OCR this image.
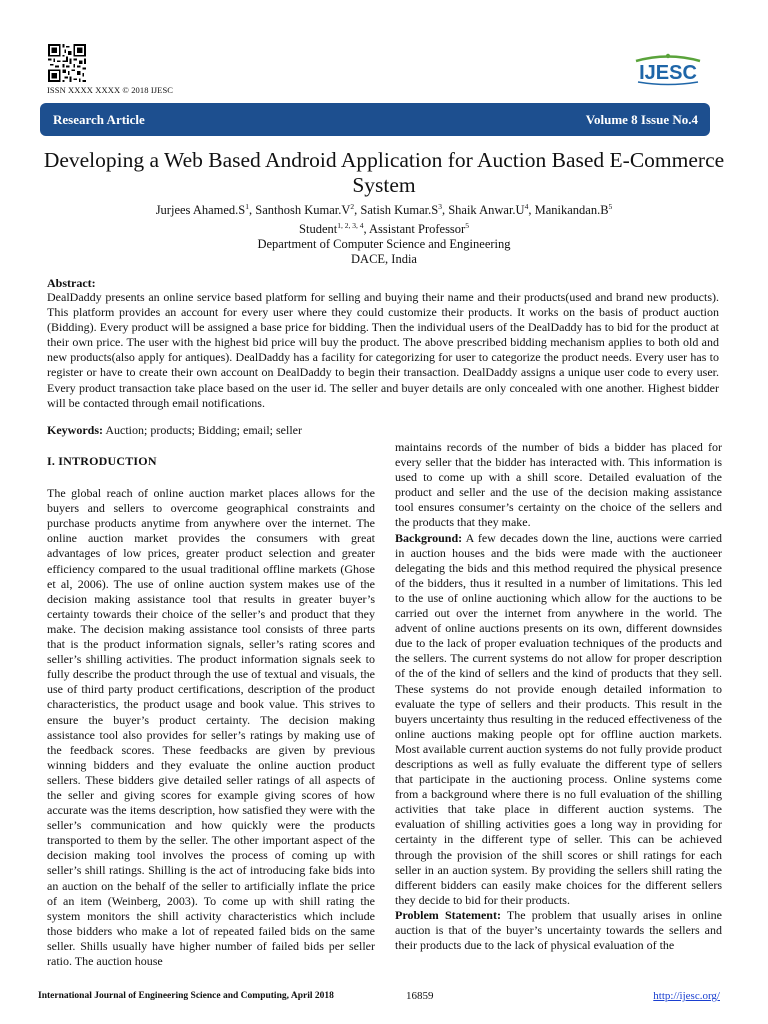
ISSN XXXX XXXX © 2018 IJESC
IJESC
Research Article	Volume 8 Issue No.4
Developing a Web Based Android Application for Auction Based E-Commerce System
Jurjees $Ahamed.S^1$, Santhosh $Kumar.V^2$, Satish $Kumar.S^3$, Shaik $Anwar.U^4$, $Manikandan.B^5$
Student$^{1, 2, 3, 4}$, Assistant Professor$^5$
Department of Computer Science and Engineering
DACE, India
Abstract:
DealDaddy presents an online service based platform for selling and buying their name and their products(used and brand new products). This platform provides an account for every user where they could customize their products. It works on the basis of product auction (Bidding). Every product will be assigned a base price for bidding. Then the individual users of the DealDaddy has to bid for the product at their own price. The user with the highest bid price will buy the product. The above prescribed bidding mechanism applies to both old and new products(also apply for antiques). DealDaddy has a facility for categorizing for user to categorize the product needs. Every user has to register or have to create their own account on DealDaddy to begin their transaction. DealDaddy assigns a unique user code to every user. Every product transaction take place based on the user id. The seller and buyer details are only concealed with one another. Highest bidder will be contacted through email notifications.
Keywords: Auction; products; Bidding; email; seller

I. INTRODUCTION

The global reach of online auction market places allows for the buyers and sellers to overcome geographical constraints and purchase products anytime from anywhere over the internet. The online auction market provides the consumers with great advantages of low prices, greater product selection and greater efficiency compared to the usual traditional offline markets (Ghose et al, 2006). The use of online auction system makes use of the decision making assistance tool that results in greater buyer’s certainty towards their choice of the seller’s and product that they make. The decision making assistance tool consists of three parts that is the product information signals, seller’s rating scores and seller’s shilling activities. The product information signals seek to fully describe the product through the use of textual and visuals, the use of third party product certifications, description of the product characteristics, the product usage and book value. This strives to ensure the buyer’s product certainty. The decision making assistance tool also provides for seller’s ratings by making use of the feedback scores. These feedbacks are given by previous winning bidders and they evaluate the online auction product sellers. These bidders give detailed seller ratings of all aspects of the seller and giving scores for example giving scores of how accurate was the items description, how satisfied they were with the seller’s communication and how quickly were the products transported to them by the seller. The other important aspect of the decision making tool involves the process of coming up with seller’s shill ratings. Shilling is the act of introducing fake bids into an auction on the behalf of the seller to artificially inflate the price of an item (Weinberg, 2003). To come up with shill rating the system monitors the shill activity characteristics which include those bidders who make a lot of repeated failed bids on the same seller. Shills usually have higher number of failed bids per seller ratio. The auction house

maintains records of the number of bids a bidder has placed for every seller that the bidder has interacted with. This information is used to come up with a shill score. Detailed evaluation of the product and seller and the use of the decision making assistance tool ensures consumer’s certainty on the choice of the sellers and the products that they make.

Background: A few decades down the line, auctions were carried in auction houses and the bids were made with the auctioneer delegating the bids and this method required the physical presence of the bidders, thus it resulted in a number of limitations. This led to the use of online auctioning which allow for the auctions to be carried out over the internet from anywhere in the world. The advent of online auctions presents on its own, different downsides due to the lack of proper evaluation techniques of the products and the sellers. The current systems do not allow for proper description of the of the kind of sellers and the kind of products that they sell. These systems do not provide enough detailed information to evaluate the type of sellers and their products. This result in the buyers uncertainty thus resulting in the reduced effectiveness of the online auctions making people opt for offline auction markets. Most available current auction systems do not fully provide product descriptions as well as fully evaluate the different type of sellers that participate in the auctioning process. Online systems come from a background where there is no full evaluation of the shilling activities that take place in different auction systems. The evaluation of shilling activities goes a long way in providing for certainty in the different type of seller. This can be achieved through the provision of the shill scores or shill ratings for each seller in an auction system. By providing the sellers shill rating the different bidders can easily make choices for the different sellers they decide to bid for their products.

Problem Statement: The problem that usually arises in online auction is that of the buyer’s uncertainty towards the sellers and their products due to the lack of physical evaluation of the

International Journal of Engineering Science and Computing, April 2018	16859	http://ijesc.org/
